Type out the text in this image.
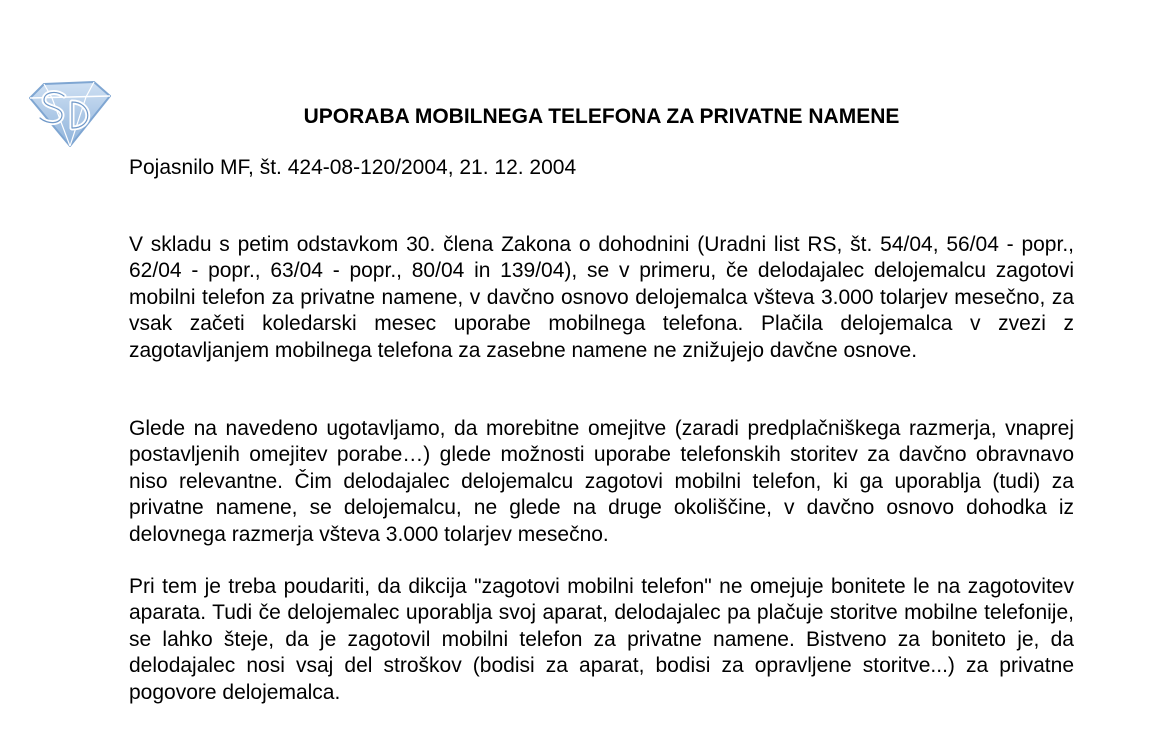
UPORABA MOBILNEGA TELEFONA ZA PRIVATNE NAMENE

Pojasnilo MF, št. 424-08-120/2004, 21. 12. 2004

V skladu s petim odstavkom 30. člena Zakona o dohodnini (Uradni list RS, št. 54/04, 56/04 - popr., 62/04 - popr., 63/04 - popr., 80/04 in 139/04), se v primeru, če delodajalec delojemalcu zagotovi mobilni telefon za privatne namene, v davčno osnovo delojemalca všteva 3.000 tolarjev mesečno, za vsak začeti koledarski mesec uporabe mobilnega telefona. Plačila delojemalca v zvezi z zagotavljanjem mobilnega telefona za zasebne namene ne znižujejo davčne osnove.

Glede na navedeno ugotavljamo, da morebitne omejitve (zaradi predplačniškega razmerja, vnaprej postavljenih omejitev porabe…) glede možnosti uporabe telefonskih storitev za davčno obravnavo niso relevantne. Čim delodajalec delojemalcu zagotovi mobilni telefon, ki ga uporablja (tudi) za privatne namene, se delojemalcu, ne glede na druge okoliščine, v davčno osnovo dohodka iz delovnega razmerja všteva 3.000 tolarjev mesečno.

Pri tem je treba poudariti, da dikcija "zagotovi mobilni telefon" ne omejuje bonitete le na zagotovitev aparata. Tudi če delojemalec uporablja svoj aparat, delodajalec pa plačuje storitve mobilne telefonije, se lahko šteje, da je zagotovil mobilni telefon za privatne namene. Bistveno za boniteto je, da delodajalec nosi vsaj del stroškov (bodisi za aparat, bodisi za opravljene storitve...) za privatne pogovore delojemalca.
